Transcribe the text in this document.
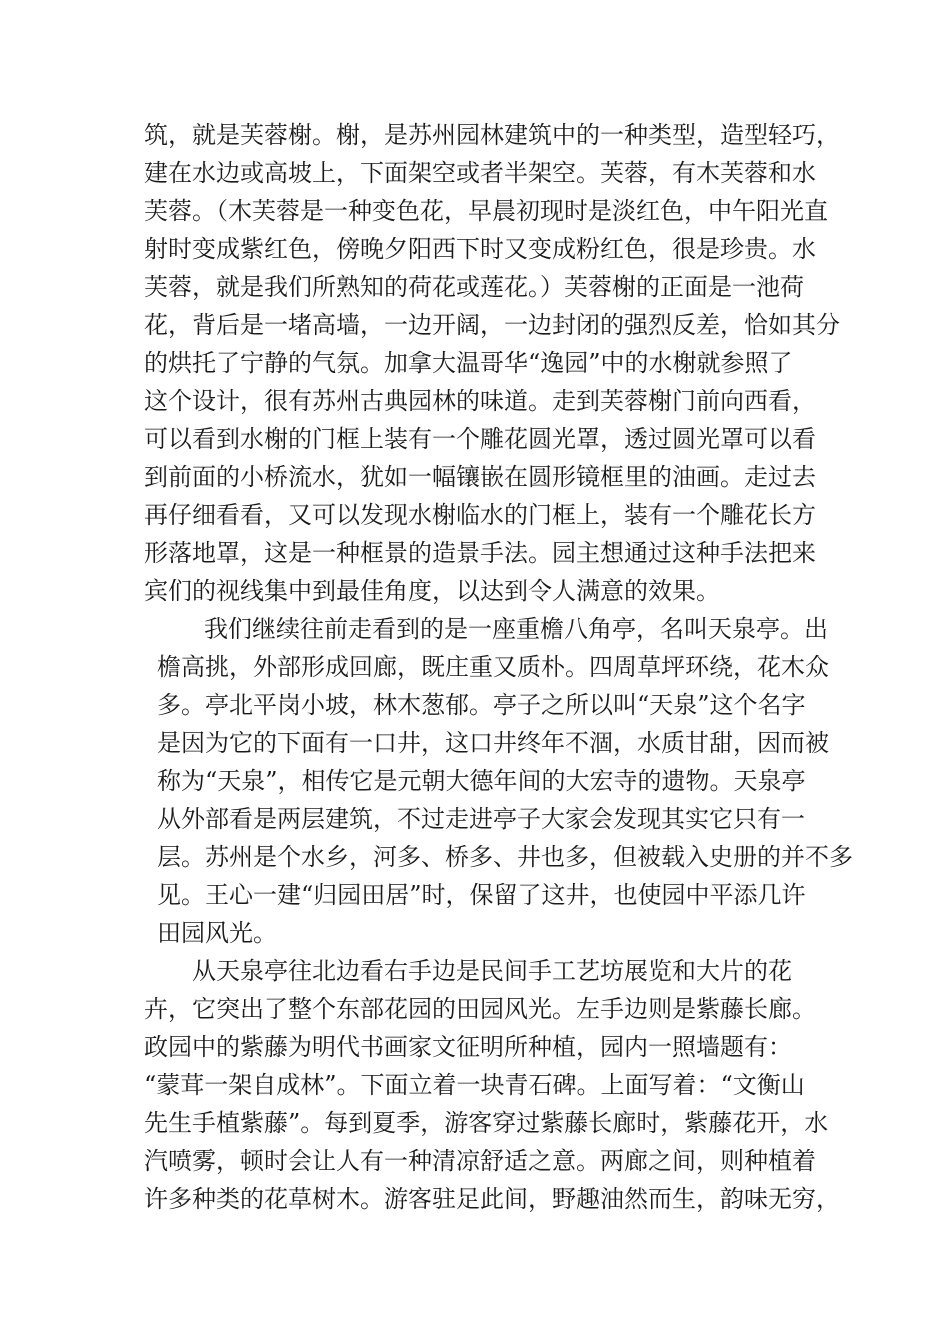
筑，就是芙蓉榭。榭，是苏州园林建筑中的一种类型，造型轻巧，
建在水边或高坡上，下面架空或者半架空。芙蓉，有木芙蓉和水
芙蓉。（木芙蓉是一种变色花，早晨初现时是淡红色，中午阳光直
射时变成紫红色，傍晚夕阳西下时又变成粉红色，很是珍贵。水
芙蓉，就是我们所熟知的荷花或莲花。）芙蓉榭的正面是一池荷
花，背后是一堵高墙，一边开阔，一边封闭的强烈反差，恰如其分
的烘托了宁静的气氛。加拿大温哥华“逸园”中的水榭就参照了
这个设计，很有苏州古典园林的味道。走到芙蓉榭门前向西看，
可以看到水榭的门框上装有一个雕花圆光罩，透过圆光罩可以看
到前面的小桥流水，犹如一幅镶嵌在圆形镜框里的油画。走过去
再仔细看看，又可以发现水榭临水的门框上，装有一个雕花长方
形落地罩，这是一种框景的造景手法。园主想通过这种手法把来
宾们的视线集中到最佳角度，以达到令人满意的效果。
我们继续往前走看到的是一座重檐八角亭，名叫天泉亭。出
檐高挑，外部形成回廊，既庄重又质朴。四周草坪环绕，花木众
多。亭北平岗小坡，林木葱郁。亭子之所以叫“天泉”这个名字
是因为它的下面有一口井，这口井终年不涸，水质甘甜，因而被
称为“天泉”，相传它是元朝大德年间的大宏寺的遗物。天泉亭
从外部看是两层建筑，不过走进亭子大家会发现其实它只有一
层。苏州是个水乡，河多、桥多、井也多，但被载入史册的并不多
见。王心一建“归园田居”时，保留了这井，也使园中平添几许
田园风光。
从天泉亭往北边看右手边是民间手工艺坊展览和大片的花
卉，它突出了整个东部花园的田园风光。左手边则是紫藤长廊。
政园中的紫藤为明代书画家文征明所种植，园内一照墙题有：
“蒙茸一架自成林”。下面立着一块青石碑。上面写着：“文衡山
先生手植紫藤”。每到夏季，游客穿过紫藤长廊时，紫藤花开，水
汽喷雾，顿时会让人有一种清凉舒适之意。两廊之间，则种植着
许多种类的花草树木。游客驻足此间，野趣油然而生，韵味无穷，
